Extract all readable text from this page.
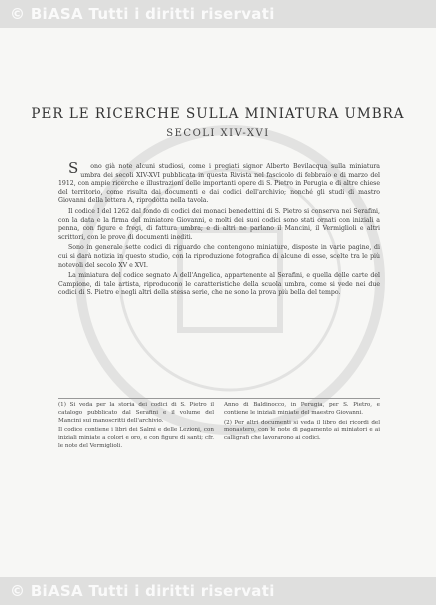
© BiASA Tutti i diritti riservati
PER LE RICERCHE SULLA MINIATURA UMBRA
SECOLI XIV-XVI

S ono già note alcuni studiosi, come i pregiati signor Alberto Bevilacqua sulla miniatura umbra dei secoli XIV-XVI pubblicata in questa Rivista nel fascicolo di febbraio e di marzo del 1912, con ampie ricerche e illustrazioni delle importanti opere di S. Pietro in Perugia e di altre chiese del territorio, come risulta dai documenti e dai codici dell'archivio; nonché gli studi di mastro Giovanni della lettera A, riprodotta nella tavola.

Il codice I del 1262 dal fondo di codici dei monaci benedettini di S. Pietro si conserva nei Serafini, con la data e la firma del miniatore Giovanni, e molti dei suoi codici sono stati ornati con iniziali a penna, con figure e fregi, di fattura umbra; e di altri ne parlano il Mancini, il Vermiglioli e altri scrittori, con le prove di documenti inediti.

Sono in generale sette codici di riguardo che contengono miniature, disposte in varie pagine, di cui si darà notizia in questo studio, con la riproduzione fotografica di alcune di esse, scelte tra le più notevoli del secolo XV e XVI.

La miniatura del codice segnato A dell'Angelica, appartenente al Serafini, e quella delle carte del Campione, di tale artista, riproducono le caratteristiche della scuola umbra, come si vede nei due codici di S. Pietro e negli altri della stessa serie, che ne sono la prova più bella del tempo.

(1) Si veda per la storia dei codici di S. Pietro il catalogo pubblicato dal Serafini e il volume del Mancini sui manoscritti dell'archivio.

Il codice contiene i libri dei Salmi e delle Lezioni, con iniziali miniate a colori e oro, e con figure di santi; cfr. le note del Vermiglioli.

Anno di Baldinocco, in Perugia, per S. Pietro, e contiene le iniziali miniate del maestro Giovanni.

(2) Per altri documenti si veda il libro dei ricordi del monastero, con le note di pagamento ai miniatori e ai calligrafi che lavorarono ai codici.

© BiASA Tutti i diritti riservati
